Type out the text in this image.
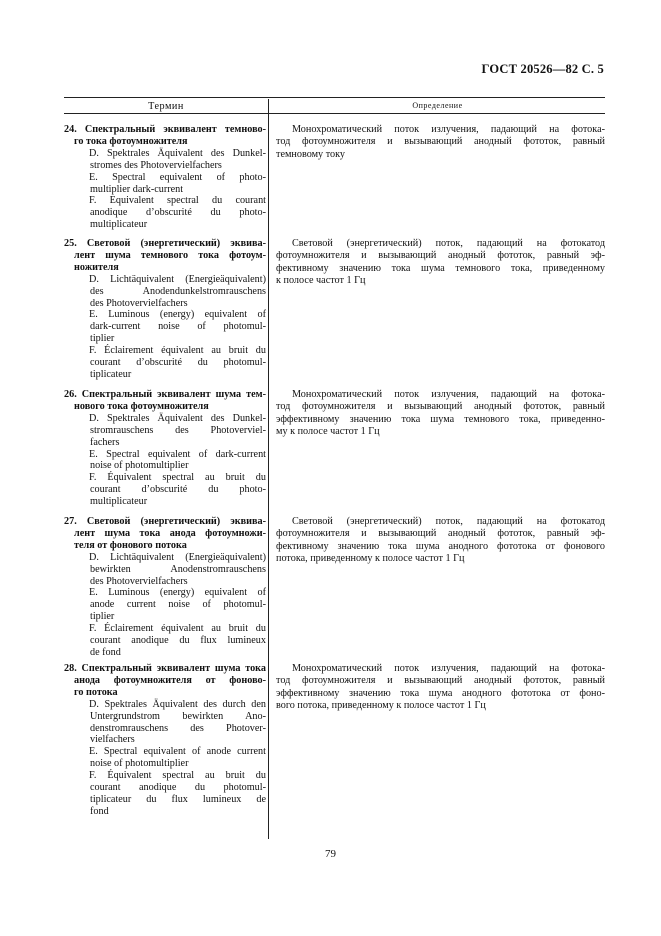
ГОСТ 20526—82 С. 5
Термин	Определение
24. Спектральный эквивалент темново-
го тока фотоумножителя
D. Spektrales Äquivalent des Dunkel-
stromes des Photovervielfachers
E. Spectral equivalent of photo-
multiplier dark-current
F. Equivalent spectral du courant
anodique d’obscurité du photo-
multiplicateur
Монохроматический поток излучения, падающий на фотока-
тод фотоумножителя и вызывающий анодный фототок, равный
темновому току
25. Световой (энергетический) эквива-
лент шума темнового тока фотоум-
ножителя
D. Lichtäquivalent (Energieäquivalent)
des Anodendunkelstromrauschens
des Photovervielfachers
E. Luminous (energy) equivalent of
dark-current noise of photomul-
tiplier
F. Éclairement équivalent au bruit du
courant d’obscurité du photomul-
tiplicateur
Световой (энергетический) поток, падающий на фотокатод
фотоумножителя и вызывающий анодный фототок, равный эф-
фективному значению тока шума темнового тока, приведенному
к полосе частот 1 Гц
26. Спектральный эквивалент шума тем-
нового тока фотоумножителя
D. Spektrales Äquivalent des Dunkel-
stromrauschens des Photoverviel-
fachers
E. Spectral equivalent of dark-current
noise of photomultiplier
F. Équivalent spectral au bruit du
courant d’obscurité du photo-
multiplicateur
Монохроматический поток излучения, падающий на фотока-
тод фотоумножителя и вызывающий анодный фототок, равный
эффективному значению тока шума темнового тока, приведенно-
му к полосе частот 1 Гц
27. Световой (энергетический) эквива-
лент шума тока анода фотоумножи-
теля от фонового потока
D. Lichtäquivalent (Energieäquivalent)
bewirkten Anodenstromrauschens
des Photovervielfachers
E. Luminous (energy) equivalent of
anode current noise of photomul-
tiplier
F. Éclairement équivalent au bruit du
courant anodique du flux lumineux
de fond
Световой (энергетический) поток, падающий на фотокатод
фотоумножителя и вызывающий анодный фототок, равный эф-
фективному значению тока шума анодного фототока от фонового
потока, приведенному к полосе частот 1 Гц
28. Спектральный эквивалент шума тока
анода фотоумножителя от фоново-
го потока
D. Spektrales Äquivalent des durch den
Untergrundstrom bewirkten Ano-
denstromrauschens des Photover-
vielfachers
E. Spectral equivalent of anode current
noise of photomultiplier
F. Équivalent spectral au bruit du
courant anodique du photomul-
tiplicateur du flux lumineux de
fond
Монохроматический поток излучения, падающий на фотока-
тод фотоумножителя и вызывающий анодный фототок, равный
эффективному значению тока шума анодного фототока от фоно-
вого потока, приведенному к полосе частот 1 Гц
79
